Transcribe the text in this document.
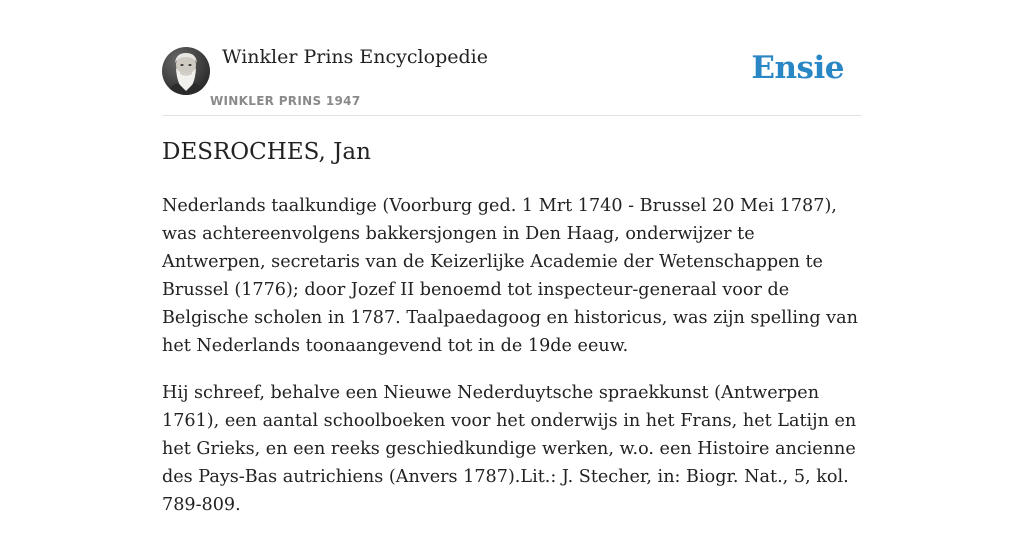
Winkler Prins Encyclopedie
WINKLER PRINS 1947
Ensie
DESROCHES, Jan

Nederlands taalkundige (Voorburg ged. 1 Mrt 1740 - Brussel 20 Mei 1787), was achtereenvolgens bakkersjongen in Den Haag, onderwijzer te Antwerpen, secretaris van de Keizerlijke Academie der Wetenschappen te Brussel (1776); door Jozef II benoemd tot inspecteur-generaal voor de Belgische scholen in 1787. Taalpaedagoog en historicus, was zijn spelling van het Nederlands toonaangevend tot in de 19de eeuw.

Hij schreef, behalve een Nieuwe Nederduytsche spraekkunst (Antwerpen 1761), een aantal schoolboeken voor het onderwijs in het Frans, het Latijn en het Grieks, en een reeks geschiedkundige werken, w.o. een Histoire ancienne des Pays-Bas autrichiens (Anvers 1787).Lit.: J. Stecher, in: Biogr. Nat., 5, kol. 789-809.
